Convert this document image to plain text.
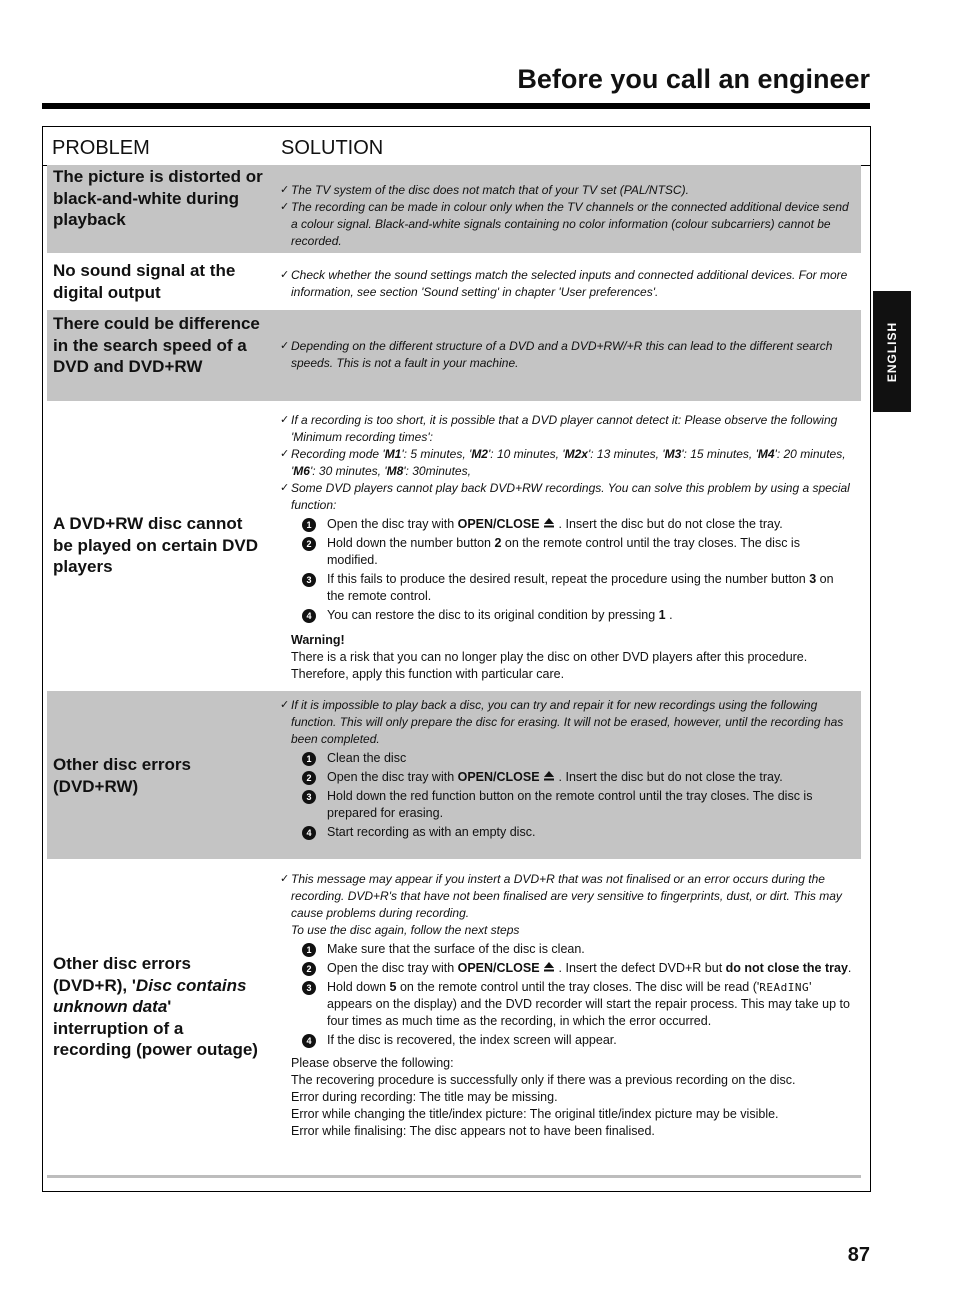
Before you call an engineer
ENGLISH
PROBLEM	SOLUTION
The picture is distorted or black-and-white during playback

✓ The TV system of the disc does not match that of your TV set (PAL/NTSC).

✓ The recording can be made in colour only when the TV channels or the connected additional device send a colour signal. Black-and-white signals containing no color information (colour subcarriers) cannot be recorded.

No sound signal at the digital output

✓ Check whether the sound settings match the selected inputs and connected additional devices. For more information, see section 'Sound setting' in chapter 'User preferences'.

There could be difference in the search speed of a DVD and DVD+RW

✓ Depending on the different structure of a DVD and a DVD+RW/+R this can lead to the different search speeds. This is not a fault in your machine.

A DVD+RW disc cannot be played on certain DVD players

✓ If a recording is too short, it is possible that a DVD player cannot detect it: Please observe the following 'Minimum recording times':

✓ Recording mode 'M1': 5 minutes, 'M2': 10 minutes, 'M2x': 13 minutes, 'M3': 15 minutes, 'M4': 20 minutes, 'M6': 30 minutes, 'M8': 30minutes,

✓ Some DVD players cannot play back DVD+RW recordings. You can solve this problem by using a special function:

1	Open the disc tray with OPEN/CLOSE  . Insert the disc but do not close the tray.
2	Hold down the number button 2 on the remote control until the tray closes. The disc is modified.
3	If this fails to produce the desired result, repeat the procedure using the number button 3 on the remote control.
4	You can restore the disc to its original condition by pressing 1 .

Warning!

There is a risk that you can no longer play the disc on other DVD players after this procedure. Therefore, apply this function with particular care.

Other disc errors (DVD+RW)

✓ If it is impossible to play back a disc, you can try and repair it for new recordings using the following function. This will only prepare the disc for erasing. It will not be erased, however, until the recording has been completed.

1	Clean the disc
2	Open the disc tray with OPEN/CLOSE  . Insert the disc but do not close the tray.
3	Hold down the red function button on the remote control until the tray closes. The disc is prepared for erasing.
4	Start recording as with an empty disc.
Other disc errors (DVD+R), 'Disc contains unknown data' interruption of a recording (power outage)

✓ This message may appear if you instert a DVD+R that was not finalised or an error occurs during the recording. DVD+R's that have not been finalised are very sensitive to fingerprints, dust, or dirt. This may cause problems during recording.

To use the disc again, follow the next steps

1	Make sure that the surface of the disc is clean.
2	Open the disc tray with OPEN/CLOSE  . Insert the defect DVD+R but do not close the tray.
3	Hold down 5 on the remote control until the tray closes. The disc will be read ('REAdING' appears on the display) and the DVD recorder will start the repair process. This may take up to four times as much time as the recording, in which the error occurred.
4	If the disc is recovered, the index screen will appear.

Please observe the following:

The recovering procedure is successfully only if there was a previous recording on the disc.

Error during recording: The title may be missing.

Error while changing the title/index picture: The original title/index picture may be visible.

Error while finalising: The disc appears not to have been finalised.

87
